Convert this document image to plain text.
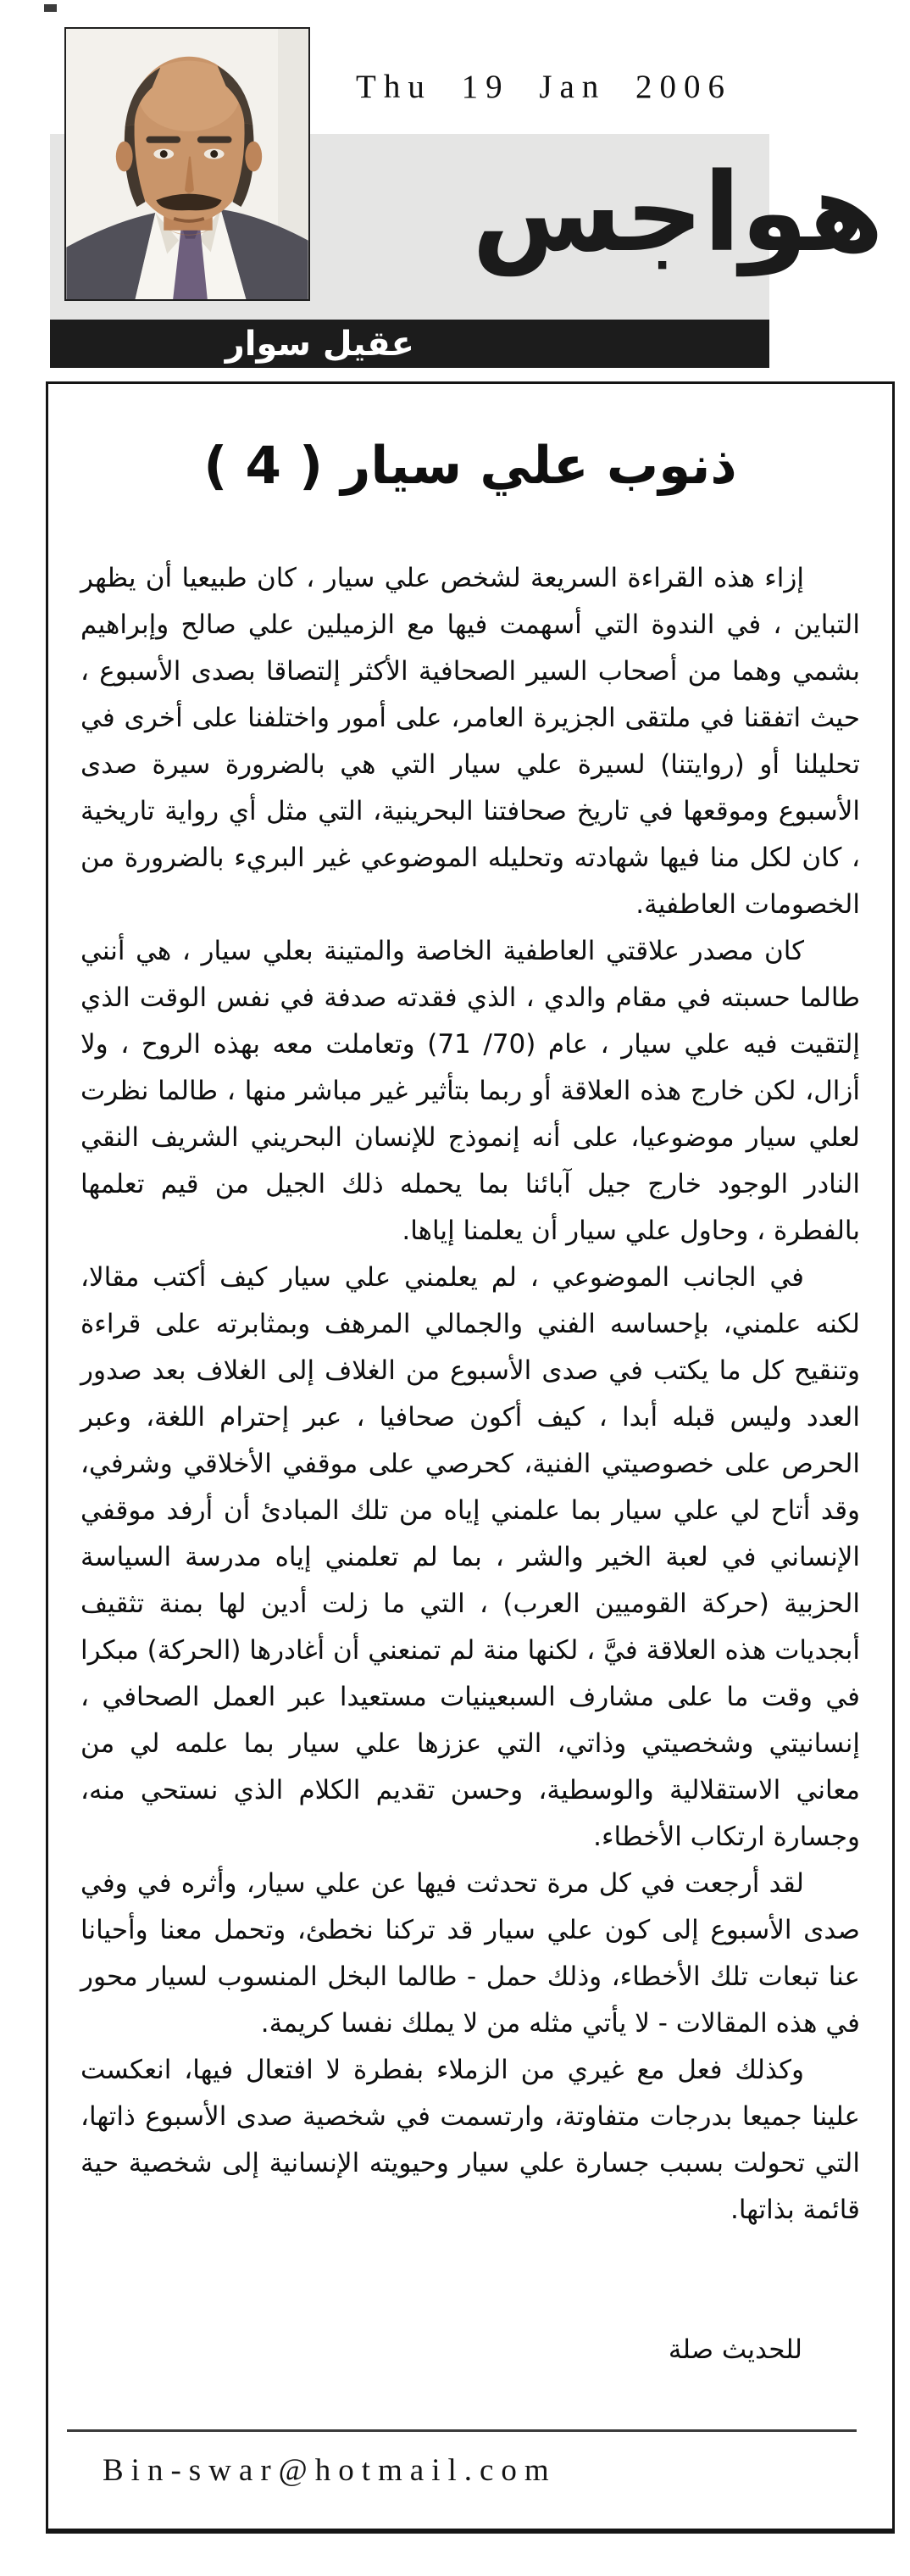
Thu 19 Jan 2006
هواجس
عقيل سوار
ذنوب علي سيار ( 4 )

إزاء هذه القراءة السريعة لشخص علي سيار ، كان طبيعيا أن يظهر التباين ، في الندوة التي أسهمت فيها مع الزميلين علي صالح وإبراهيم بشمي وهما من أصحاب السير الصحافية الأكثر إلتصاقا بصدى الأسبوع ، حيث اتفقنا في ملتقى الجزيرة العامر، على أمور واختلفنا على أخرى في تحليلنا أو (روايتنا) لسيرة علي سيار التي هي بالضرورة سيرة صدى الأسبوع وموقعها في تاريخ صحافتنا البحرينية، التي مثل أي رواية تاريخية ، كان لكل منا فيها شهادته وتحليله الموضوعي غير البريء بالضرورة من الخصومات العاطفية.

كان مصدر علاقتي العاطفية الخاصة والمتينة بعلي سيار ، هي أنني طالما حسبته في مقام والدي ، الذي فقدته صدفة في نفس الوقت الذي إلتقيت فيه علي سيار ، عام (70/ 71) وتعاملت معه بهذه الروح ، ولا أزال، لكن خارج هذه العلاقة أو ربما بتأثير غير مباشر منها ، طالما نظرت لعلي سيار موضوعيا، على أنه إنموذج للإنسان البحريني الشريف النقي النادر الوجود خارج جيل آبائنا بما يحمله ذلك الجيل من قيم تعلمها بالفطرة ، وحاول علي سيار أن يعلمنا إياها.

في الجانب الموضوعي ، لم يعلمني علي سيار كيف أكتب مقالا، لكنه علمني، بإحساسه الفني والجمالي المرهف وبمثابرته على قراءة وتنقيح كل ما يكتب في صدى الأسبوع من الغلاف إلى الغلاف بعد صدور العدد وليس قبله أبدا ، كيف أكون صحافيا ، عبر إحترام اللغة، وعبر الحرص على خصوصيتي الفنية، كحرصي على موقفي الأخلاقي وشرفي، وقد أتاح لي علي سيار بما علمني إياه من تلك المبادئ أن أرفد موقفي الإنساني في لعبة الخير والشر ، بما لم تعلمني إياه مدرسة السياسة الحزبية (حركة القوميين العرب) ، التي ما زلت أدين لها بمنة تثقيف أبجديات هذه العلاقة فيَّ ، لكنها منة لم تمنعني أن أغادرها (الحركة) مبكرا في وقت ما على مشارف السبعينيات مستعيدا عبر العمل الصحافي ، إنسانيتي وشخصيتي وذاتي، التي عززها علي سيار بما علمه لي من معاني الاستقلالية والوسطية، وحسن تقديم الكلام الذي نستحي منه، وجسارة ارتكاب الأخطاء.

لقد أرجعت في كل مرة تحدثت فيها عن علي سيار، وأثره في وفي صدى الأسبوع إلى كون علي سيار قد تركنا نخطئ، وتحمل معنا وأحيانا عنا تبعات تلك الأخطاء، وذلك حمل - طالما البخل المنسوب لسيار محور في هذه المقالات - لا يأتي مثله من لا يملك نفسا كريمة.

وكذلك فعل مع غيري من الزملاء بفطرة لا افتعال فيها، انعكست علينا جميعا بدرجات متفاوتة، وارتسمت في شخصية صدى الأسبوع ذاتها، التي تحولت بسبب جسارة علي سيار وحيويته الإنسانية إلى شخصية حية قائمة بذاتها.

للحديث صلة
Bin-swar@hotmail.com
